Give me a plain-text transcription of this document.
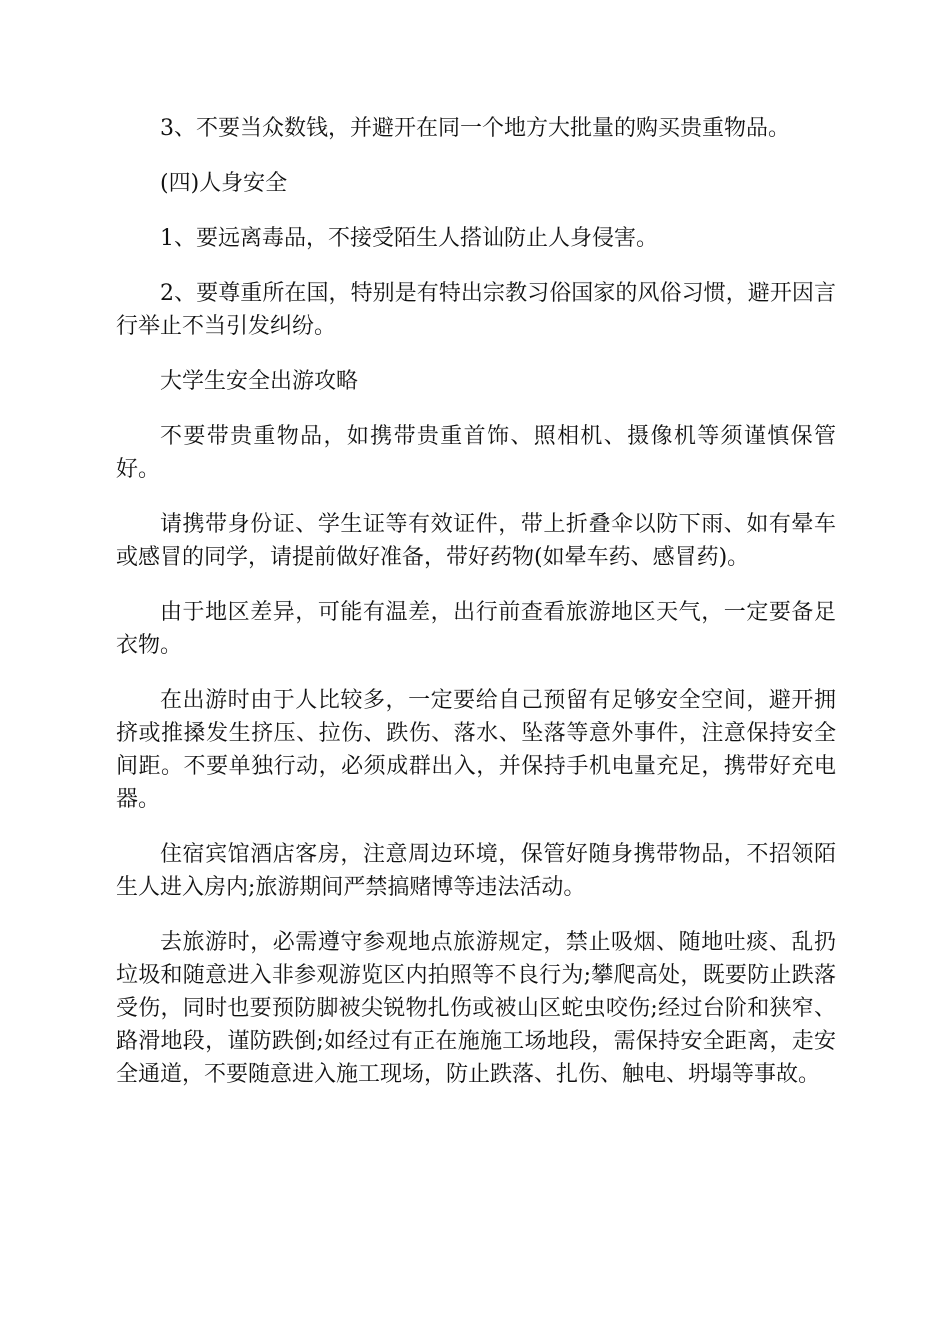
3、不要当众数钱，并避开在同一个地方大批量的购买贵重物品。

(四)人身安全

1、要远离毒品，不接受陌生人搭讪防止人身侵害。

2、要尊重所在国，特别是有特出宗教习俗国家的风俗习惯，避开因言行举止不当引发纠纷。

大学生安全出游攻略

不要带贵重物品，如携带贵重首饰、照相机、摄像机等须谨慎保管好。

请携带身份证、学生证等有效证件，带上折叠伞以防下雨、如有晕车或感冒的同学，请提前做好准备，带好药物(如晕车药、感冒药)。

由于地区差异，可能有温差，出行前查看旅游地区天气，一定要备足衣物。

在出游时由于人比较多，一定要给自己预留有足够安全空间，避开拥挤或推搡发生挤压、拉伤、跌伤、落水、坠落等意外事件，注意保持安全间距。不要单独行动，必须成群出入，并保持手机电量充足，携带好充电器。

住宿宾馆酒店客房，注意周边环境，保管好随身携带物品，不招领陌生人进入房内;旅游期间严禁搞赌博等违法活动。

去旅游时，必需遵守参观地点旅游规定，禁止吸烟、随地吐痰、乱扔垃圾和随意进入非参观游览区内拍照等不良行为;攀爬高处，既要防止跌落受伤，同时也要预防脚被尖锐物扎伤或被山区蛇虫咬伤;经过台阶和狭窄、路滑地段，谨防跌倒;如经过有正在施施工场地段，需保持安全距离，走安全通道，不要随意进入施工现场，防止跌落、扎伤、触电、坍塌等事故。
